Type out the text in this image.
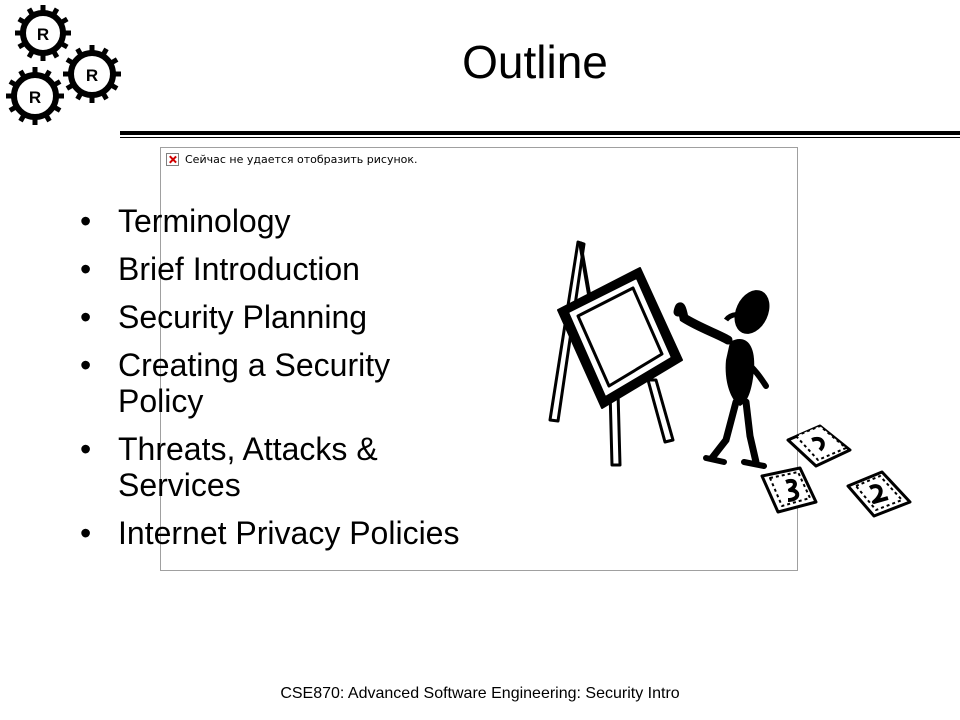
R
R
R
Outline
Сейчас не удается отобразить рисунок.
• Terminology
• Brief Introduction
• Security Planning
• Creating a Security Policy
• Threats, Attacks & Services
• Internet Privacy Policies
CSE870: Advanced Software Engineering: Security Intro
